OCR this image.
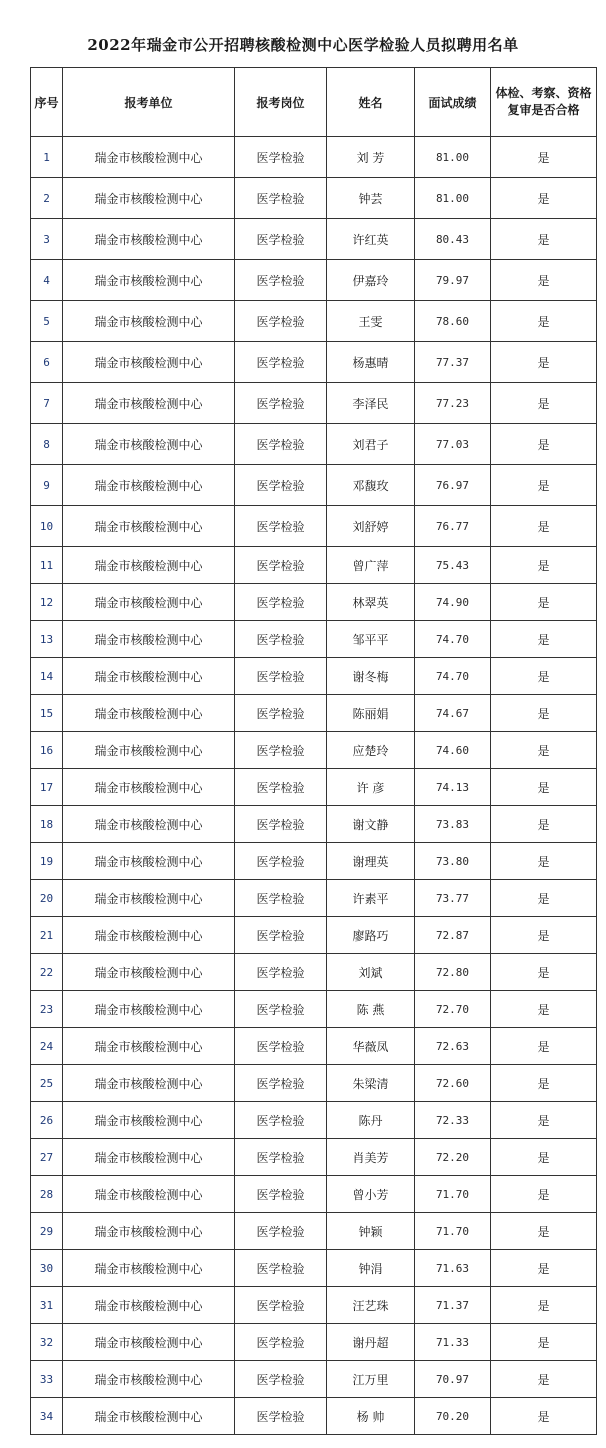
2022年瑞金市公开招聘核酸检测中心医学检验人员拟聘用名单
序号	报考单位	报考岗位	姓名	面试成绩	体检、考察、资格复审是否合格
1	瑞金市核酸检测中心	医学检验	刘 芳	81.00	是
2	瑞金市核酸检测中心	医学检验	钟芸	81.00	是
3	瑞金市核酸检测中心	医学检验	许红英	80.43	是
4	瑞金市核酸检测中心	医学检验	伊嘉玲	79.97	是
5	瑞金市核酸检测中心	医学检验	王雯	78.60	是
6	瑞金市核酸检测中心	医学检验	杨惠晴	77.37	是
7	瑞金市核酸检测中心	医学检验	李泽民	77.23	是
8	瑞金市核酸检测中心	医学检验	刘君子	77.03	是
9	瑞金市核酸检测中心	医学检验	邓馥玫	76.97	是
10	瑞金市核酸检测中心	医学检验	刘舒婷	76.77	是
11	瑞金市核酸检测中心	医学检验	曾广萍	75.43	是
12	瑞金市核酸检测中心	医学检验	林翠英	74.90	是
13	瑞金市核酸检测中心	医学检验	邹平平	74.70	是
14	瑞金市核酸检测中心	医学检验	谢冬梅	74.70	是
15	瑞金市核酸检测中心	医学检验	陈丽娟	74.67	是
16	瑞金市核酸检测中心	医学检验	应楚玲	74.60	是
17	瑞金市核酸检测中心	医学检验	许 彦	74.13	是
18	瑞金市核酸检测中心	医学检验	谢文静	73.83	是
19	瑞金市核酸检测中心	医学检验	谢理英	73.80	是
20	瑞金市核酸检测中心	医学检验	许素平	73.77	是
21	瑞金市核酸检测中心	医学检验	廖路巧	72.87	是
22	瑞金市核酸检测中心	医学检验	刘斌	72.80	是
23	瑞金市核酸检测中心	医学检验	陈 燕	72.70	是
24	瑞金市核酸检测中心	医学检验	华薇凤	72.63	是
25	瑞金市核酸检测中心	医学检验	朱梁清	72.60	是
26	瑞金市核酸检测中心	医学检验	陈丹	72.33	是
27	瑞金市核酸检测中心	医学检验	肖美芳	72.20	是
28	瑞金市核酸检测中心	医学检验	曾小芳	71.70	是
29	瑞金市核酸检测中心	医学检验	钟颖	71.70	是
30	瑞金市核酸检测中心	医学检验	钟涓	71.63	是
31	瑞金市核酸检测中心	医学检验	汪艺珠	71.37	是
32	瑞金市核酸检测中心	医学检验	谢丹超	71.33	是
33	瑞金市核酸检测中心	医学检验	江万里	70.97	是
34	瑞金市核酸检测中心	医学检验	杨 帅	70.20	是
